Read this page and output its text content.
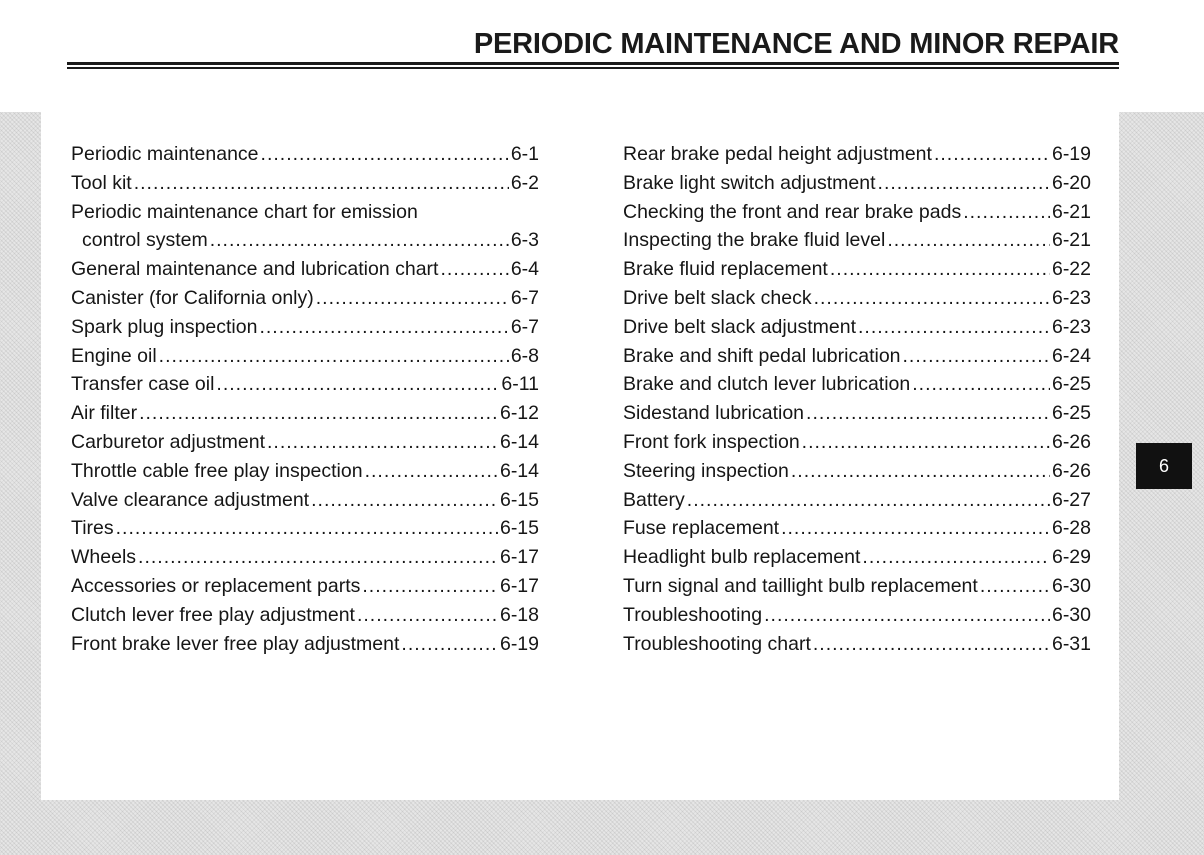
PERIODIC MAINTENANCE AND MINOR REPAIR
Periodic maintenance .....	6-1
Tool kit .....	6-2
Periodic maintenance chart for emission
control system .....	6-3
General maintenance and lubrication chart .....	6-4
Canister (for California only) .....	6-7
Spark plug inspection .....	6-7
Engine oil .....	6-8
Transfer case oil .....	6-11
Air filter .....	6-12
Carburetor adjustment .....	6-14
Throttle cable free play inspection .....	6-14
Valve clearance adjustment .....	6-15
Tires .....	6-15
Wheels .....	6-17
Accessories or replacement parts .....	6-17
Clutch lever free play adjustment .....	6-18
Front brake lever free play adjustment .....	6-19
Rear brake pedal height adjustment .....	6-19
Brake light switch adjustment .....	6-20
Checking the front and rear brake pads .....	6-21
Inspecting the brake fluid level .....	6-21
Brake fluid replacement .....	6-22
Drive belt slack check .....	6-23
Drive belt slack adjustment .....	6-23
Brake and shift pedal lubrication .....	6-24
Brake and clutch lever lubrication .....	6-25
Sidestand lubrication .....	6-25
Front fork inspection .....	6-26
Steering inspection .....	6-26
Battery .....	6-27
Fuse replacement .....	6-28
Headlight bulb replacement .....	6-29
Turn signal and taillight bulb replacement .....	6-30
Troubleshooting .....	6-30
Troubleshooting chart .....	6-31
6
